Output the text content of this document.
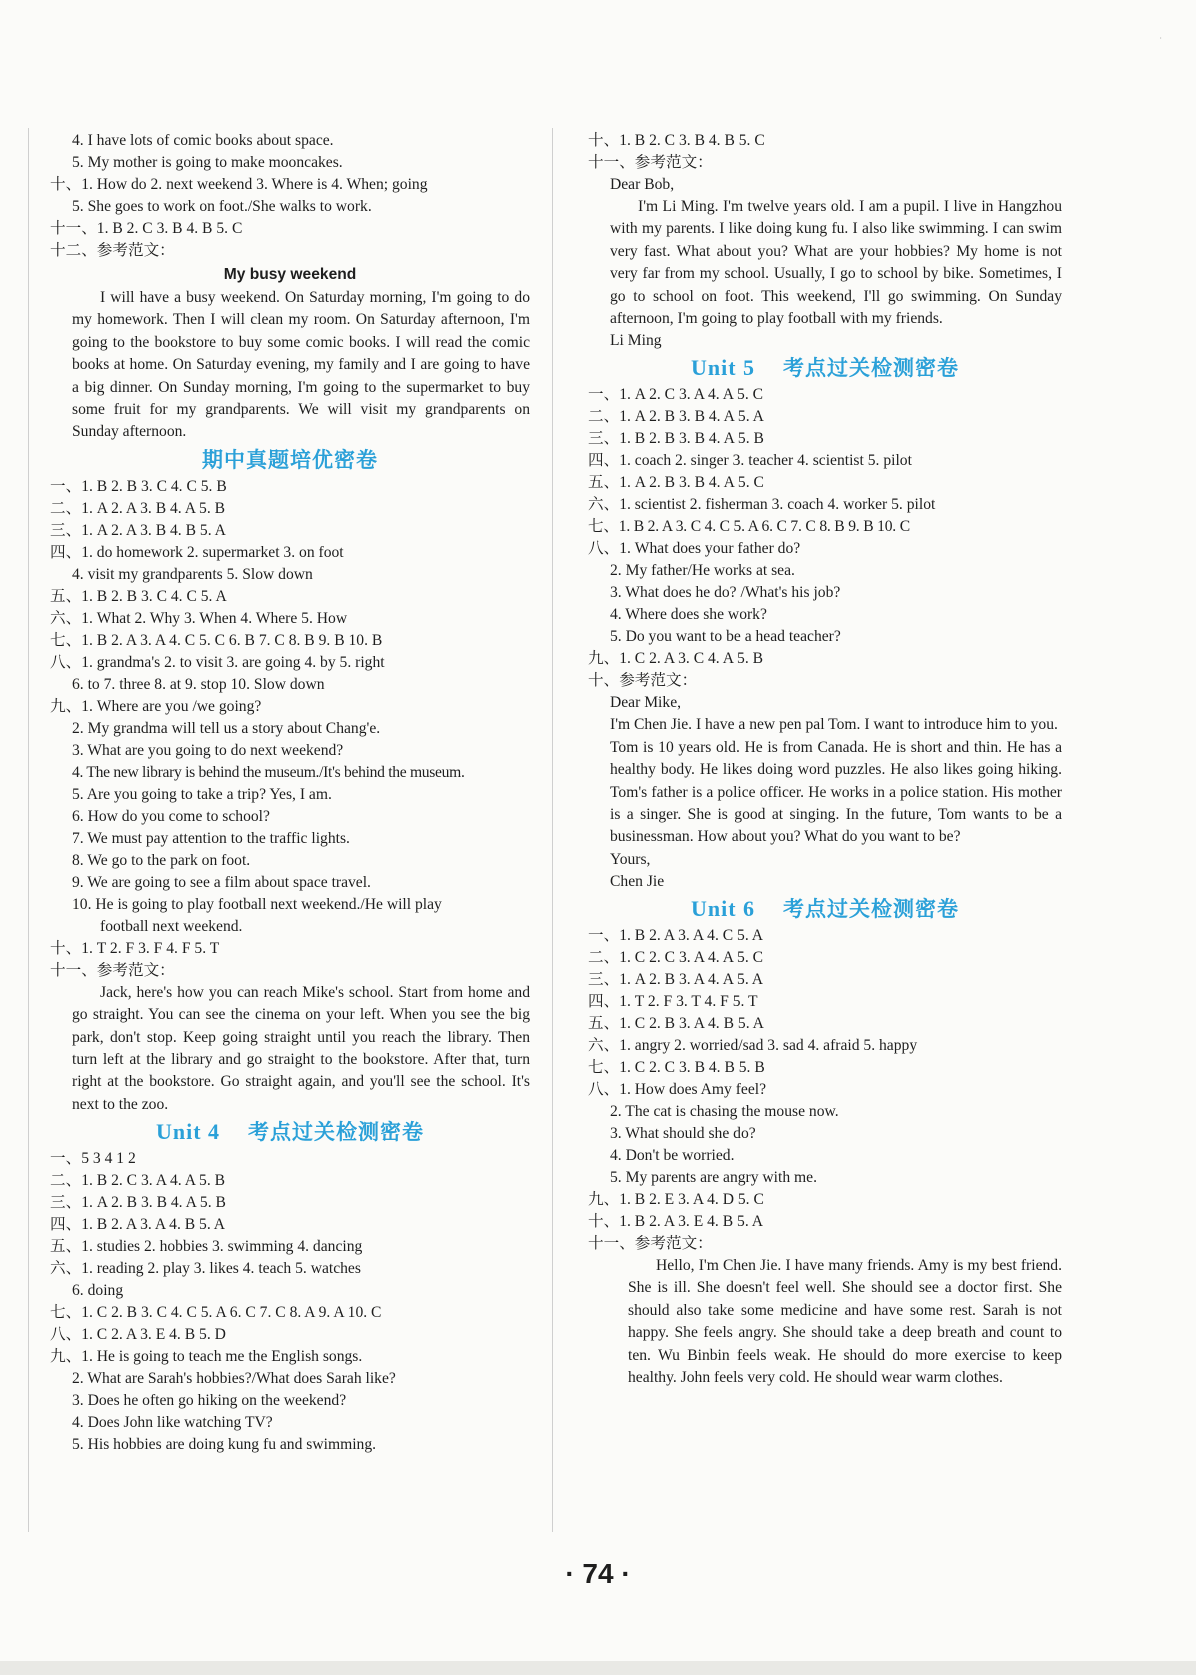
·
4. I have lots of comic books about space.
5. My mother is going to make mooncakes.
十、1. How do 2. next weekend 3. Where is 4. When; going
5. She goes to work on foot./She walks to work.
十一、1. B 2. C 3. B 4. B 5. C
十二、参考范文：
My busy weekend
I will have a busy weekend. On Saturday morning, I'm going to do my homework. Then I will clean my room. On Saturday afternoon, I'm going to the bookstore to buy some comic books. I will read the comic books at home. On Saturday evening, my family and I are going to have a big dinner. On Sunday morning, I'm going to the supermarket to buy some fruit for my grandparents. We will visit my grandparents on Sunday afternoon.
期中真题培优密卷
一、1. B 2. B 3. C 4. C 5. B
二、1. A 2. A 3. B 4. A 5. B
三、1. A 2. A 3. B 4. B 5. A
四、1. do homework 2. supermarket 3. on foot
4. visit my grandparents 5. Slow down
五、1. B 2. B 3. C 4. C 5. A
六、1. What 2. Why 3. When 4. Where 5. How
七、1. B 2. A 3. A 4. C 5. C 6. B 7. C 8. B 9. B 10. B
八、1. grandma's 2. to visit 3. are going 4. by 5. right
6. to 7. three 8. at 9. stop 10. Slow down
九、1. Where are you /we going?
2. My grandma will tell us a story about Chang'e.
3. What are you going to do next weekend?
4. The new library is behind the museum./It's behind the museum.
5. Are you going to take a trip? Yes, I am.
6. How do you come to school?
7. We must pay attention to the traffic lights.
8. We go to the park on foot.
9. We are going to see a film about space travel.
10. He is going to play football next weekend./He will play
football next weekend.
十、1. T 2. F 3. F 4. F 5. T
十一、参考范文：
Jack, here's how you can reach Mike's school. Start from home and go straight. You can see the cinema on your left. When you see the big park, don't stop. Keep going straight until you reach the library. Then turn left at the library and go straight to the bookstore. After that, turn right at the bookstore. Go straight again, and you'll see the school. It's next to the zoo.
Unit 4 考点过关检测密卷
一、5 3 4 1 2
二、1. B 2. C 3. A 4. A 5. B
三、1. A 2. B 3. B 4. A 5. B
四、1. B 2. A 3. A 4. B 5. A
五、1. studies 2. hobbies 3. swimming 4. dancing
六、1. reading 2. play 3. likes 4. teach 5. watches
6. doing
七、1. C 2. B 3. C 4. C 5. A 6. C 7. C 8. A 9. A 10. C
八、1. C 2. A 3. E 4. B 5. D
九、1. He is going to teach me the English songs.
2. What are Sarah's hobbies?/What does Sarah like?
3. Does he often go hiking on the weekend?
4. Does John like watching TV?
5. His hobbies are doing kung fu and swimming.
十、1. B 2. C 3. B 4. B 5. C
十一、参考范文：
Dear Bob,
I'm Li Ming. I'm twelve years old. I am a pupil. I live in Hangzhou with my parents. I like doing kung fu. I also like swimming. I can swim very fast. What about you? What are your hobbies? My home is not very far from my school. Usually, I go to school by bike. Sometimes, I go to school on foot. This weekend, I'll go swimming. On Sunday afternoon, I'm going to play football with my friends.
Li Ming
Unit 5 考点过关检测密卷
一、1. A 2. C 3. A 4. A 5. C
二、1. A 2. B 3. B 4. A 5. A
三、1. B 2. B 3. B 4. A 5. B
四、1. coach 2. singer 3. teacher 4. scientist 5. pilot
五、1. A 2. B 3. B 4. A 5. C
六、1. scientist 2. fisherman 3. coach 4. worker 5. pilot
七、1. B 2. A 3. C 4. C 5. A 6. C 7. C 8. B 9. B 10. C
八、1. What does your father do?
2. My father/He works at sea.
3. What does he do? /What's his job?
4. Where does she work?
5. Do you want to be a head teacher?
九、1. C 2. A 3. C 4. A 5. B
十、参考范文：
Dear Mike,
I'm Chen Jie. I have a new pen pal Tom. I want to introduce him to you.
Tom is 10 years old. He is from Canada. He is short and thin. He has a healthy body. He likes doing word puzzles. He also likes going hiking. Tom's father is a police officer. He works in a police station. His mother is a singer. She is good at singing. In the future, Tom wants to be a businessman. How about you? What do you want to be?
Yours,
Chen Jie
Unit 6 考点过关检测密卷
一、1. B 2. A 3. A 4. C 5. A
二、1. C 2. C 3. A 4. A 5. C
三、1. A 2. B 3. A 4. A 5. A
四、1. T 2. F 3. T 4. F 5. T
五、1. C 2. B 3. A 4. B 5. A
六、1. angry 2. worried/sad 3. sad 4. afraid 5. happy
七、1. C 2. C 3. B 4. B 5. B
八、1. How does Amy feel?
2. The cat is chasing the mouse now.
3. What should she do?
4. Don't be worried.
5. My parents are angry with me.
九、1. B 2. E 3. A 4. D 5. C
十、1. B 2. A 3. E 4. B 5. A
十一、参考范文：
Hello, I'm Chen Jie. I have many friends. Amy is my best friend. She is ill. She doesn't feel well. She should see a doctor first. She should also take some medicine and have some rest. Sarah is not happy. She feels angry. She should take a deep breath and count to ten. Wu Binbin feels weak. He should do more exercise to keep healthy. John feels very cold. He should wear warm clothes.
· 74 ·
